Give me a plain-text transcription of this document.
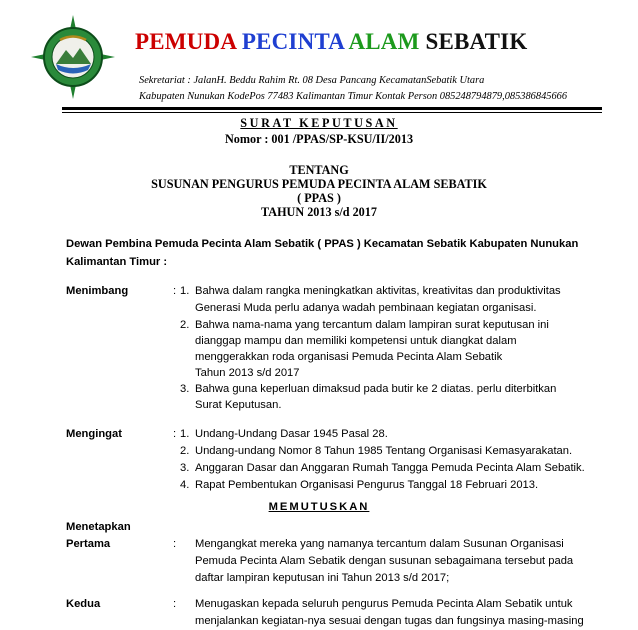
PEMUDA PECINTA ALAM SEBATIK
Sekretariat : JalanH. Beddu Rahim Rt. 08 Desa Pancang KecamatanSebatik Utara
Kabupaten Nunukan KodePos 77483 Kalimantan Timur Kontak Person 085248794879,085386845666
SURAT KEPUTUSAN
Nomor : 001 /PPAS/SP-KSU/II/2013
TENTANG
SUSUNAN PENGURUS PEMUDA PECINTA ALAM SEBATIK
( PPAS )
TAHUN 2013 s/d 2017
Dewan Pembina Pemuda Pecinta Alam Sebatik ( PPAS ) Kecamatan Sebatik Kabupaten Nunukan
Kalimantan Timur :
Menimbang	: 1. Bahwa dalam rangka meningkatkan aktivitas, kreativitas dan produktivitas
Generasi Muda perlu adanya wadah pembinaan kegiatan organisasi.
2. Bahwa nama-nama yang tercantum dalam lampiran surat keputusan ini
dianggap mampu dan memiliki kompetensi untuk diangkat dalam
menggerakkan roda organisasi Pemuda Pecinta Alam Sebatik
Tahun 2013 s/d 2017
3. Bahwa guna keperluan dimaksud pada butir ke 2 diatas. perlu diterbitkan
Surat Keputusan.
Mengingat	: 1. Undang-Undang Dasar 1945 Pasal 28.
2. Undang-undang Nomor 8 Tahun 1985 Tentang Organisasi Kemasyarakatan.
3. Anggaran Dasar dan Anggaran Rumah Tangga Pemuda Pecinta Alam Sebatik.
4. Rapat Pembentukan Organisasi Pengurus Tanggal 18 Februari 2013.
MEMUTUSKAN
Menetapkan
Pertama	: Mengangkat mereka yang namanya tercantum dalam Susunan Organisasi
Pemuda Pecinta Alam Sebatik dengan susunan sebagaimana tersebut pada
daftar lampiran keputusan ini Tahun 2013 s/d 2017;
Kedua	: Menugaskan kepada seluruh pengurus Pemuda Pecinta Alam Sebatik untuk
menjalankan kegiatan-nya sesuai dengan tugas dan fungsinya masing-masing
